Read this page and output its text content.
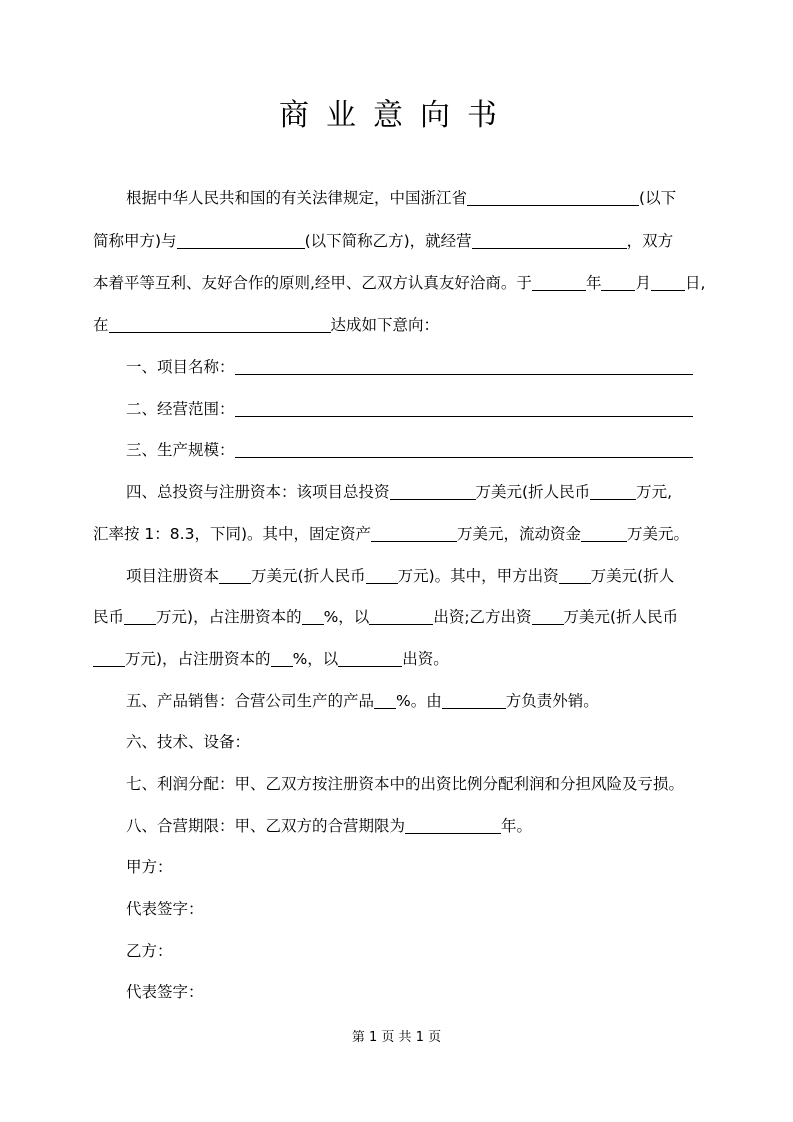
商业意向书
根据中华人民共和国的有关法律规定，中国浙江省	(以下
简称甲方)与	(以下简称乙方)，就经营	，双方
本着平等互利、友好合作的原则,经甲、乙双方认真友好洽商。于	年 月 日,
在	达成如下意向：
一、项目名称：
二、经营范围：
三、生产规模：
四、总投资与注册资本：该项目总投资	万美元(折人民币	万元,
汇率按 1：8.3，下同)。其中，固定资产	万美元，流动资金	万美元。
项目注册资本 万美元(折人民币 万元)。其中，甲方出资 万美元(折人
民币 万元)，占注册资本的 %，以	出资;乙方出资 万美元(折人民币
万元)，占注册资本的 %，以	出资。
五、产品销售：合营公司生产的产品 %。由	方负责外销。
六、技术、设备：
七、利润分配：甲、乙双方按注册资本中的出资比例分配利润和分担风险及亏损。
八、合营期限：甲、乙双方的合营期限为	年。
甲方：
代表签字：
乙方：
代表签字：
第 1 页 共 1 页
